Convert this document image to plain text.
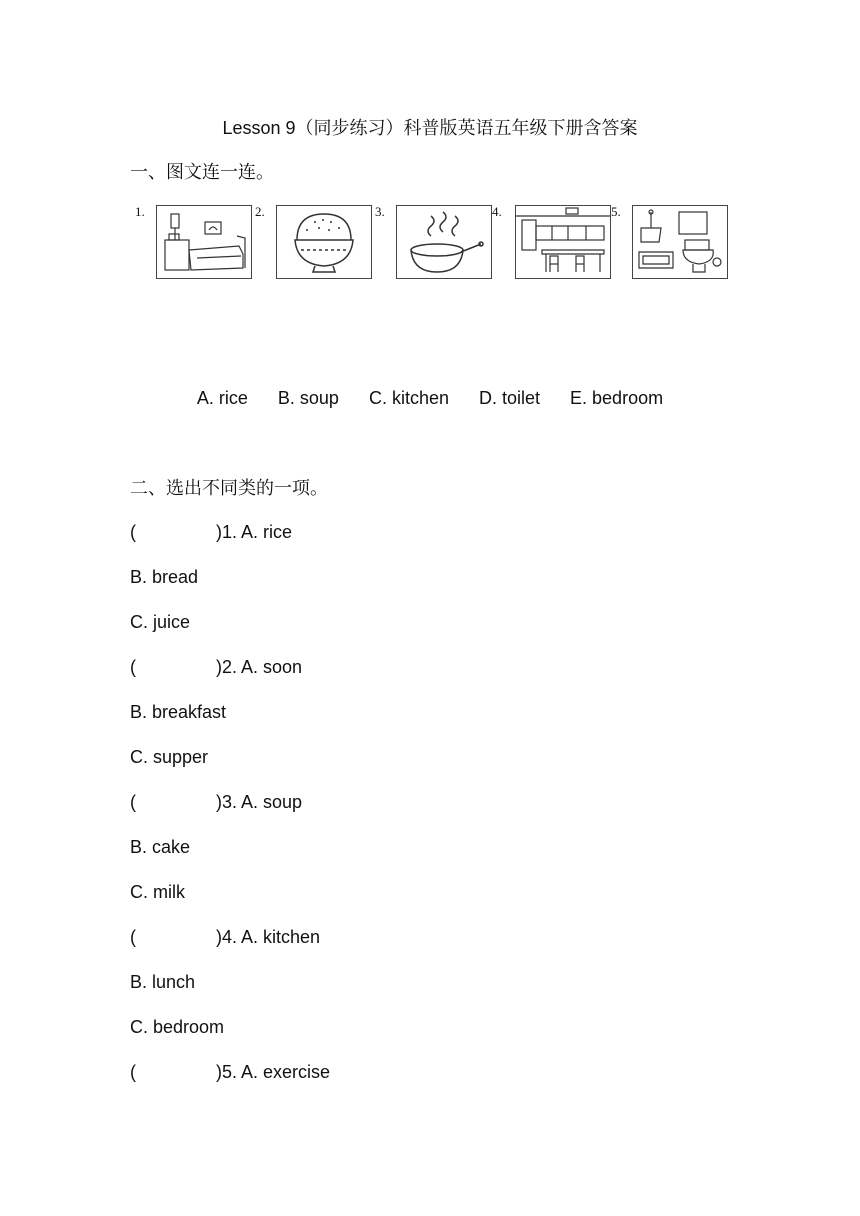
Lesson 9（同步练习）科普版英语五年级下册含答案
一、图文连一连。
1.	2.	3.	4.	5.
A. rice B. soup C. kitchen D. toilet E. bedroom
二、选出不同类的一项。
(	)1. A. rice
B. bread
C. juice
(	)2. A. soon
B. breakfast
C. supper
(	)3. A. soup
B. cake
C. milk
(	)4. A. kitchen
B. lunch
C. bedroom
(	)5. A. exercise
